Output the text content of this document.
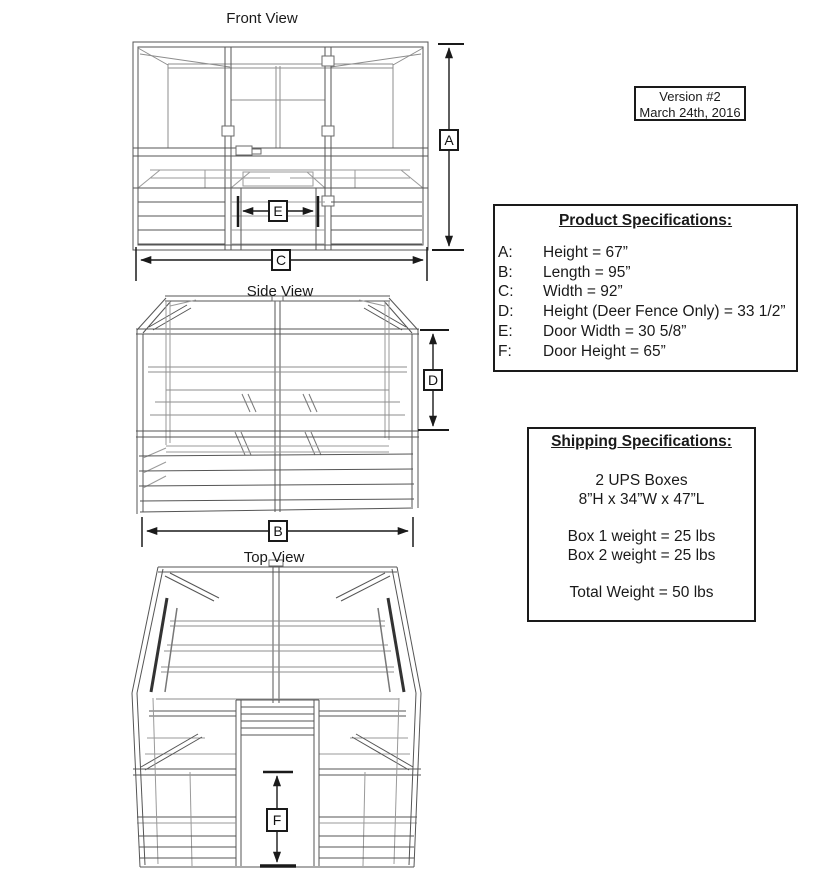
Front View
Side View
Top View
A
B
C
D
E
F
Version #2
March 24th, 2016
Product Specifications:
A:	Height = 67”
B:	Length = 95”
C:	Width = 92”
D:	Height (Deer Fence Only) = 33 1/2”
E:	Door Width = 30 5/8”
F:	Door Height = 65”
Shipping Specifications:

2 UPS Boxes

8”H x 34”W x 47”L

Box 1 weight = 25 lbs

Box 2 weight = 25 lbs

Total Weight = 50 lbs
